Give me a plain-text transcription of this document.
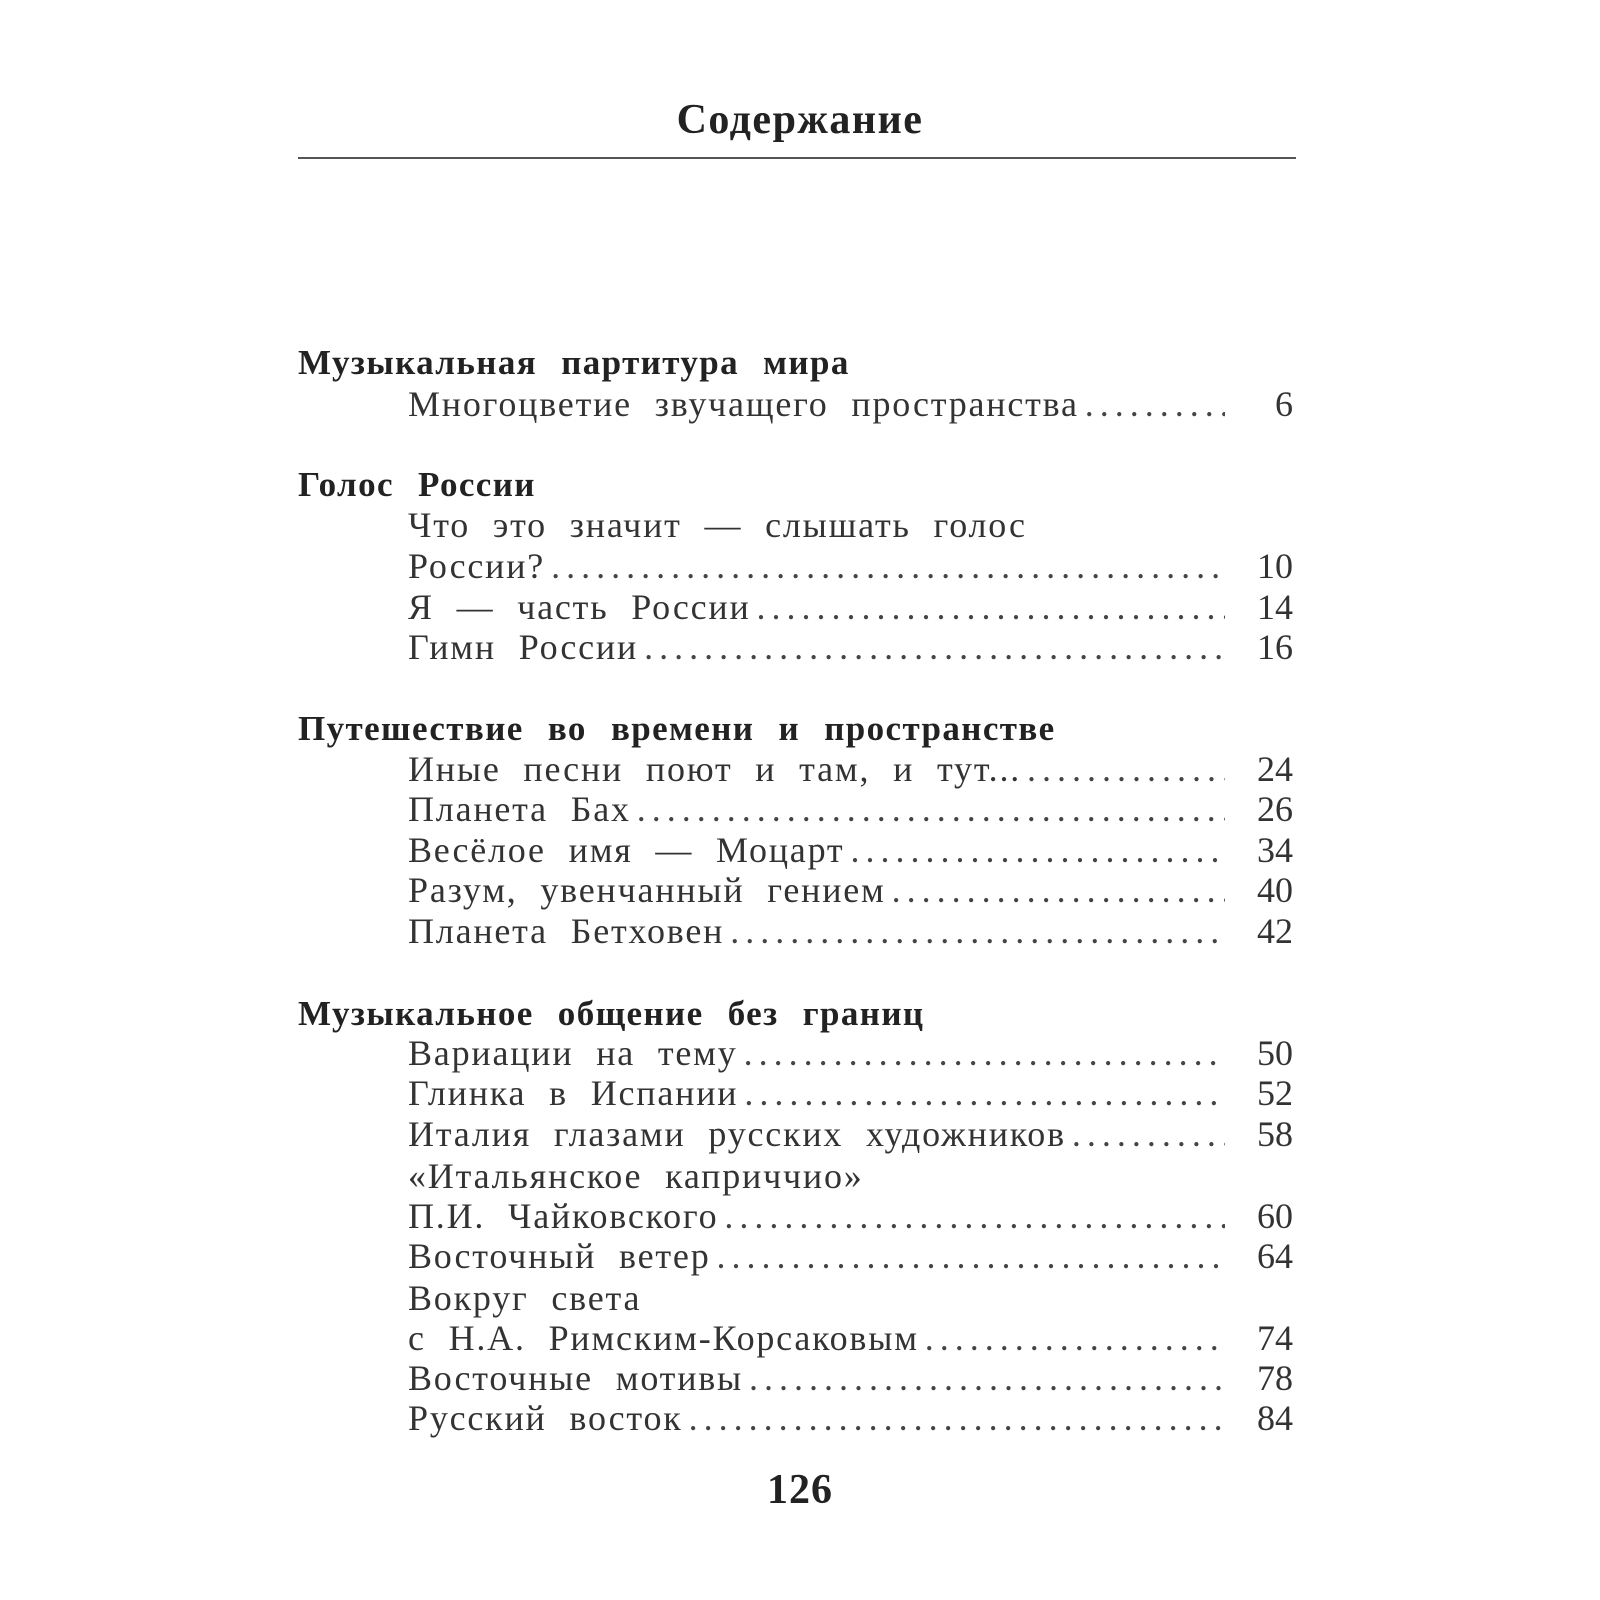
Содержание
Музыкальная партитура мира
Многоцветие звучащего пространства .....	6
Голос России
Что это значит — слышать голос
России? .....	10
Я — часть России .....	14
Гимн России .....	16
Путешествие во времени и пространстве
Иные песни поют и там, и тут... .....	24
Планета Бах .....	26
Весёлое имя — Моцарт .....	34
Разум, увенчанный гением .....	40
Планета Бетховен .....	42
Музыкальное общение без границ
Вариации на тему .....	50
Глинка в Испании .....	52
Италия глазами русских художников .....	58
«Итальянское каприччио»
П.И. Чайковского .....	60
Восточный ветер .....	64
Вокруг света
с Н.А. Римским-Корсаковым .....	74
Восточные мотивы .....	78
Русский восток .....	84
126
